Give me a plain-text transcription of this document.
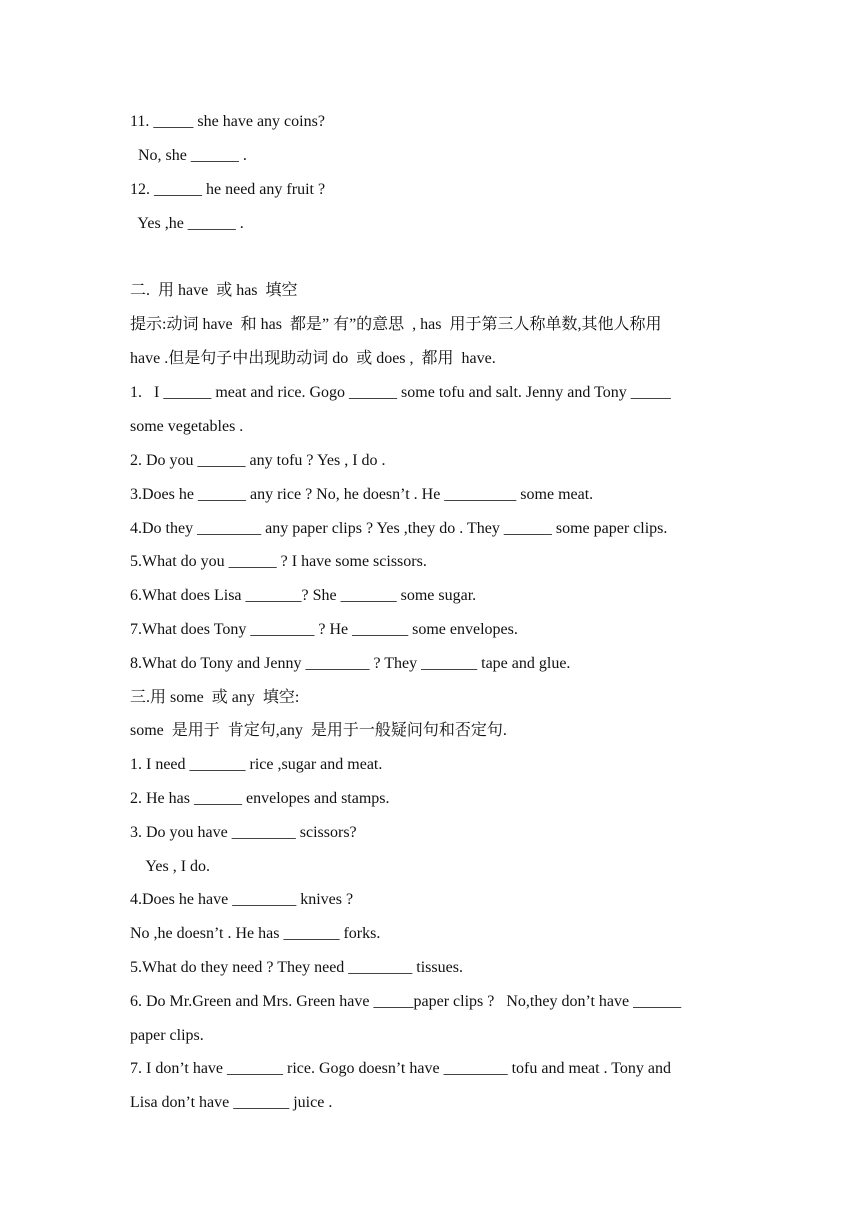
11. _____ she have any coins?
No, she ______ .
12. ______ he need any fruit ?
Yes ,he ______ .
二.  用 have  或 has  填空
提示:动词 have  和 has  都是” 有”的意思  , has  用于第三人称单数,其他人称用
have .但是句子中出现助动词 do  或 does ,  都用  have.
1.   I ______ meat and rice. Gogo ______ some tofu and salt. Jenny and Tony _____
some vegetables .
2. Do you ______ any tofu ? Yes , I do .
3.Does he ______ any rice ? No, he doesn’t . He _________ some meat.
4.Do they ________ any paper clips ? Yes ,they do . They ______ some paper clips.
5.What do you ______ ? I have some scissors.
6.What does Lisa _______? She _______ some sugar.
7.What does Tony ________ ? He _______ some envelopes.
8.What do Tony and Jenny ________ ? They _______ tape and glue.
三.用 some  或 any  填空:
some  是用于  肯定句,any  是用于一般疑问句和否定句.
1. I need _______ rice ,sugar and meat.
2. He has ______ envelopes and stamps.
3. Do you have ________ scissors?
Yes , I do.
4.Does he have ________ knives ?
No ,he doesn’t . He has _______ forks.
5.What do they need ? They need ________ tissues.
6. Do Mr.Green and Mrs. Green have _____paper clips ?   No,they don’t have ______
paper clips.
7. I don’t have _______ rice. Gogo doesn’t have ________ tofu and meat . Tony and
Lisa don’t have _______ juice .
